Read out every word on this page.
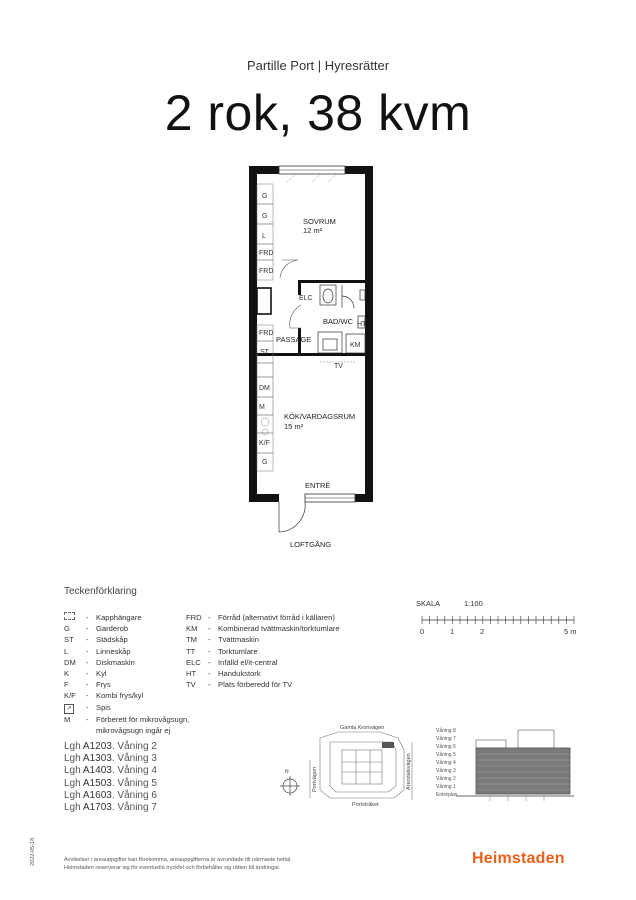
Partille Port | Hyresrätter
2 rok, 38 kvm
G
G
L
FRD
FRD
FRD
ST
DM
M
K/F
G
ELC
HT
KM
TV
SOVRUM
12 m²
BAD/WC
PASSAGE
KÖK/VARDAGSRUM
15 m²
ENTRÉ
LOFTGÅNG
Teckenförklaring
- Kapphängare
G	- Garderob
ST	- Städskåp
L	- Linneskåp
DM	- Diskmaskin
K	- Kyl
F	- Frys
K/F	- Kombi frys/kyl
↗	- Spis
M	- Förberett för mikrovågsugn,
mikrovågsugn ingår ej
FRD - Förråd (alternativt förråd i källaren)
KM	- Kombinerad tvättmaskin/torktumlare
TM	- Tvättmaskin
TT	- Torktumlare
ELC - Infälld el/it-central
HT	- Handukstork
TV	- Plats förberedd för TV
SKALA	1:100
0	1	2	5 m
Lgh A1203. Våning 2
Lgh A1303. Våning 3
Lgh A1403. Våning 4
Lgh A1503. Våning 5
Lgh A1603. Våning 6
Lgh A1703. Våning 7
Gamla Kronvägen
Portvägen	Arendalsvägen
Portstråket
N
Våning 8
Våning 7
Våning 6
Våning 5
Våning 4
Våning 3
Våning 2
Våning 1
Entréplan
Avvikelser i areauppgifter kan förekomma, areauppgifterna är avrundade till närmaste heltal.
Heimstaden reserverar sig för eventuella tryckfel och förbehåller sig rätten till ändringar.
2022-05-18	Heimstaden
